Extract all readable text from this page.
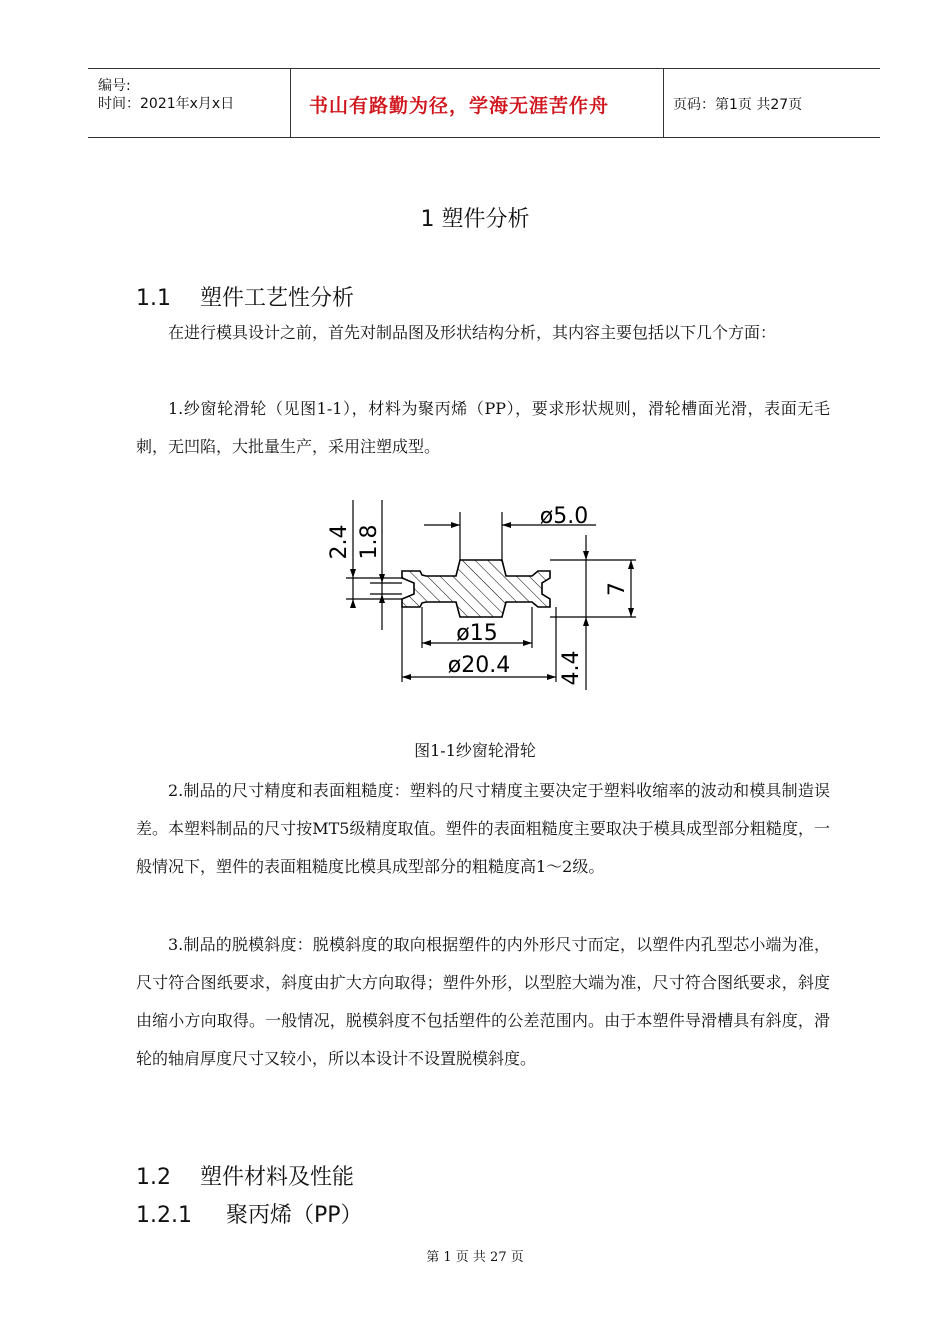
编号:
时间：2021年x月x日	书山有路勤为径，学海无涯苦作舟	页码：第1页 共27页
1 塑件分析
1.1 塑件工艺性分析
在进行模具设计之前，首先对制品图及形状结构分析，其内容主要包括以下几个方面：
1.纱窗轮滑轮（见图1-1），材料为聚丙烯（PP），要求形状规则，滑轮槽面光滑，表面无毛刺，无凹陷，大批量生产，采用注塑成型。
2.4 1.8
ø5.0
7
ø15
ø20.4 4.4
图1-1纱窗轮滑轮
2.制品的尺寸精度和表面粗糙度：塑料的尺寸精度主要决定于塑料收缩率的波动和模具制造误差。本塑料制品的尺寸按MT5级精度取值。塑件的表面粗糙度主要取决于模具成型部分粗糙度，一般情况下，塑件的表面粗糙度比模具成型部分的粗糙度高1～2级。
3.制品的脱模斜度：脱模斜度的取向根据塑件的内外形尺寸而定，以塑件内孔型芯小端为准，尺寸符合图纸要求，斜度由扩大方向取得；塑件外形，以型腔大端为准，尺寸符合图纸要求，斜度由缩小方向取得。一般情况，脱模斜度不包括塑件的公差范围内。由于本塑件导滑槽具有斜度，滑轮的轴肩厚度尺寸又较小，所以本设计不设置脱模斜度。
1.2 塑件材料及性能
1.2.1 聚丙烯（PP）
第 1 页 共 27 页
